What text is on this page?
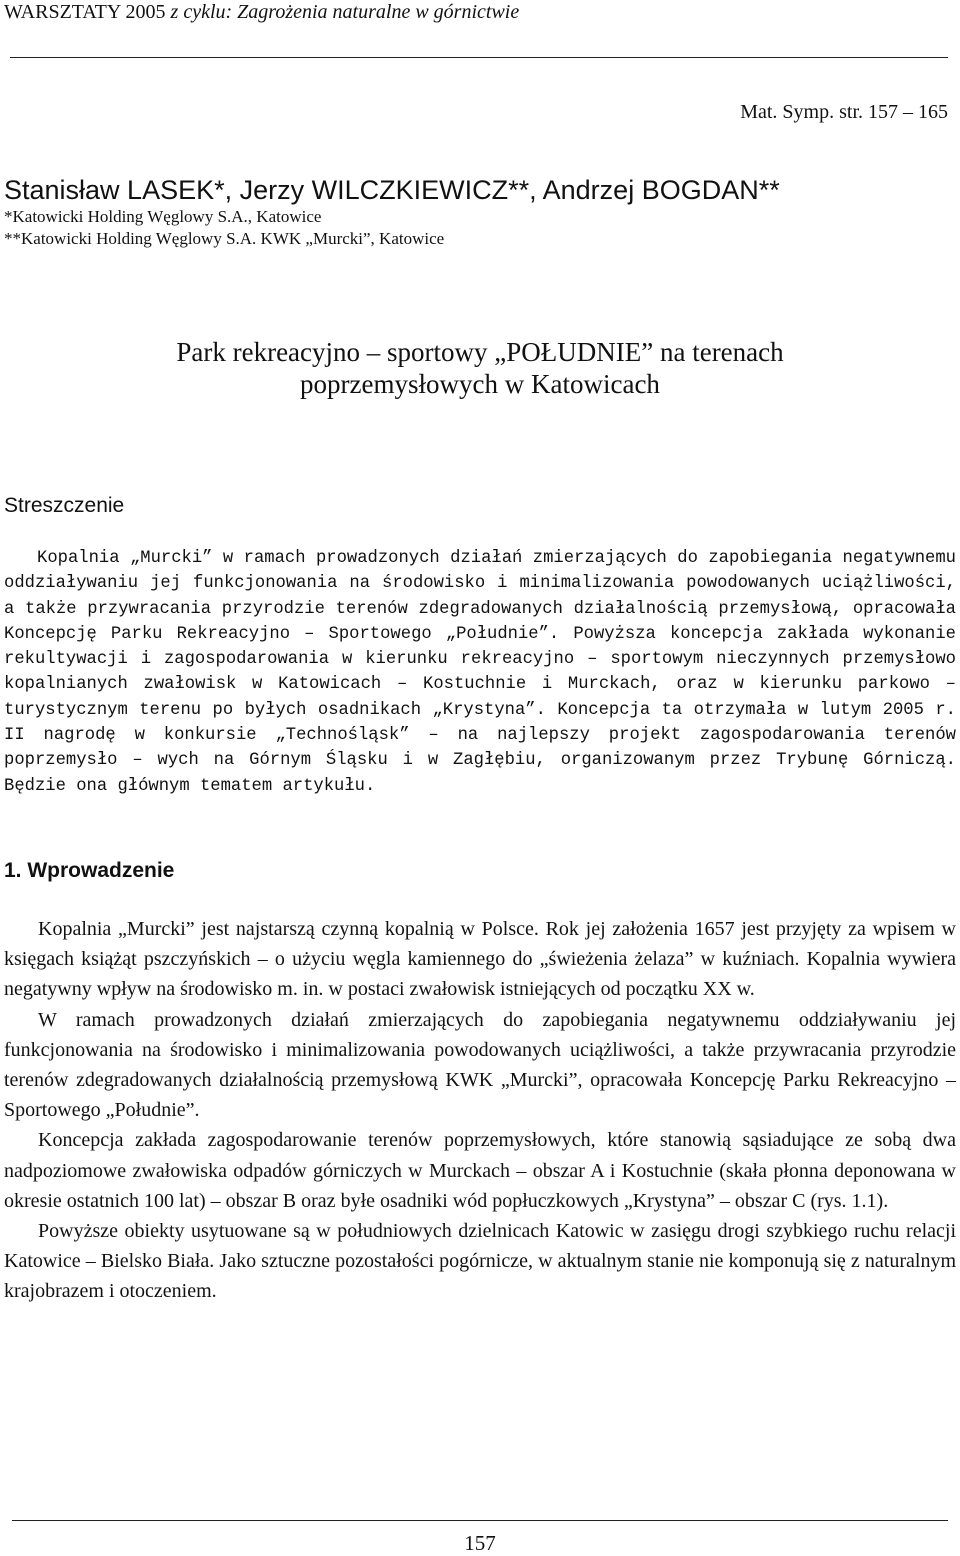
WARSZTATY 2005 z cyklu: Zagrożenia naturalne w górnictwie
Mat. Symp. str. 157 – 165
Stanisław LASEK*, Jerzy WILCZKIEWICZ**, Andrzej BOGDAN**
*Katowicki Holding Węglowy S.A., Katowice
**Katowicki Holding Węglowy S.A. KWK „Murcki”, Katowice
Park rekreacyjno – sportowy „POŁUDNIE” na terenach
poprzemysłowych w Katowicach
Streszczenie

Kopalnia „Murcki” w ramach prowadzonych działań zmierzających do zapobiegania negatywnemu oddziaływaniu jej funkcjonowania na środowisko i minimalizowania powodowanych uciążliwości, a także przywracania przyrodzie terenów zdegradowanych działalnością przemysłową, opracowała Koncepcję Parku Rekreacyjno – Sportowego „Południe”. Powyższa koncepcja zakłada wykonanie rekultywacji i zagospodarowania w kierunku rekreacyjno – sportowym nieczynnych przemysłowo kopalnianych zwałowisk w Katowicach – Kostuchnie i Murckach, oraz w kierunku parkowo – turystycznym terenu po byłych osadnikach „Krystyna”. Koncepcja ta otrzymała w lutym 2005 r. II nagrodę w konkursie „Technośląsk” – na najlepszy projekt zagospodarowania terenów poprzemysło – wych na Górnym Śląsku i w Zagłębiu, organizowanym przez Trybunę Górniczą. Będzie ona głównym tematem artykułu.

1. Wprowadzenie

Kopalnia „Murcki” jest najstarszą czynną kopalnią w Polsce. Rok jej założenia 1657 jest przyjęty za wpisem w księgach książąt pszczyńskich – o użyciu węgla kamiennego do „świeżenia żelaza” w kuźniach. Kopalnia wywiera negatywny wpływ na środowisko m. in. w postaci zwałowisk istniejących od początku XX w.

W ramach prowadzonych działań zmierzających do zapobiegania negatywnemu oddziaływaniu jej funkcjonowania na środowisko i minimalizowania powodowanych uciążliwości, a także przywracania przyrodzie terenów zdegradowanych działalnością przemysłową KWK „Murcki”, opracowała Koncepcję Parku Rekreacyjno – Sportowego „Południe”.

Koncepcja zakłada zagospodarowanie terenów poprzemysłowych, które stanowią sąsiadujące ze sobą dwa nadpoziomowe zwałowiska odpadów górniczych w Murckach – obszar A i Kostuchnie (skała płonna deponowana w okresie ostatnich 100 lat) – obszar B oraz byłe osadniki wód popłuczkowych „Krystyna” – obszar C (rys. 1.1).

Powyższe obiekty usytuowane są w południowych dzielnicach Katowic w zasięgu drogi szybkiego ruchu relacji Katowice – Bielsko Biała. Jako sztuczne pozostałości pogórnicze, w aktualnym stanie nie komponują się z naturalnym krajobrazem i otoczeniem.

157
